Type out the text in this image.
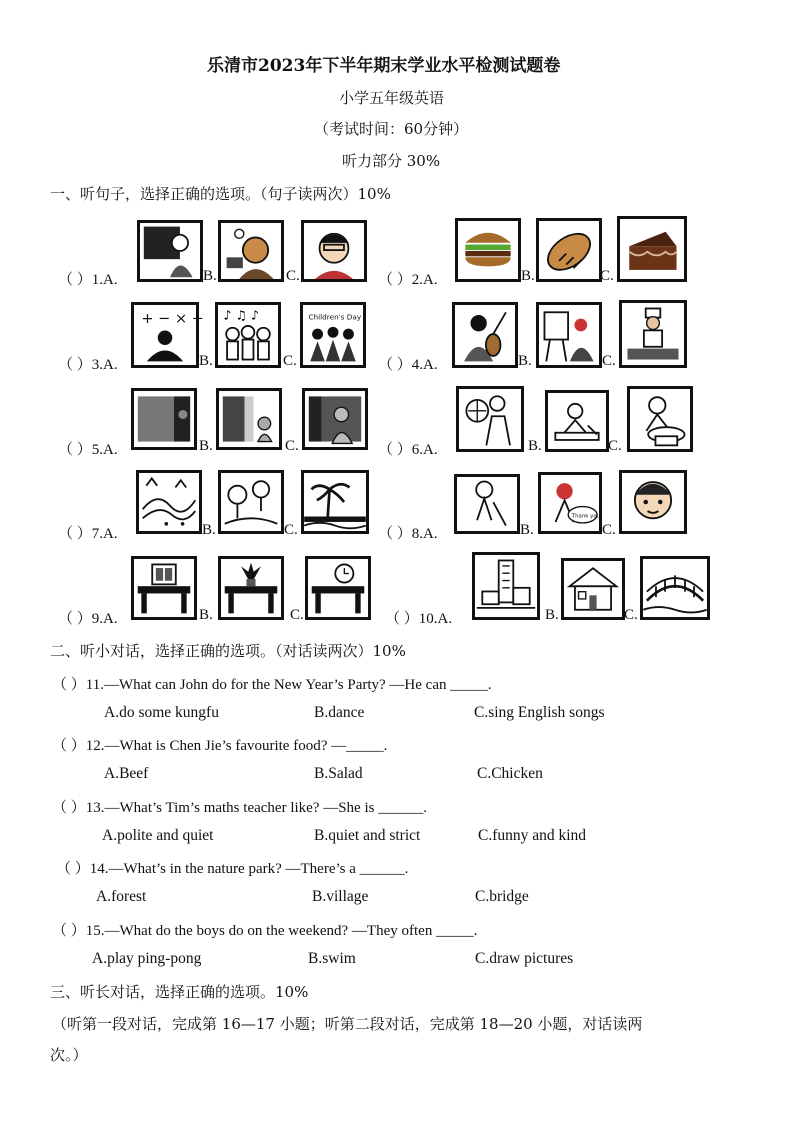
乐清市2023年下半年期末学业水平检测试题卷
小学五年级英语
（考试时间：60分钟）
听力部分 30%
一、听句子，选择正确的选项。（句子读两次）10%
（ ）1.A.	B.	C.	（ ）2.A.	B.	C.
（ ）3.A.
+ − × ÷
B.
♪ ♫ ♪
C.
Children's Day
（ ）4.A.	B.	C.
（ ）5.A.	B.	C.	（ ）6.A.	B.	C.
（ ）7.A.	B.	C.	（ ）8.A.	B.
Thank you
C.
（ ）9.A.	B.	C.	（ ）10.A.	B.	C.
二、听小对话，选择正确的选项。（对话读两次）10%
（ ）11.—What can John do for the New Year’s Party? —He can _____.
A.do some kungfu	B.dance	C.sing English songs
（ ）12.—What is Chen Jie’s favourite food? —_____.
A.Beef	B.Salad	C.Chicken
（ ）13.—What’s Tim’s maths teacher like? —She is ______.
A.polite and quiet	B.quiet and strict	C.funny and kind
（ ）14.—What’s in the nature park? —There’s a ______.
A.forest	B.village	C.bridge
（ ）15.—What do the boys do on the weekend? —They often _____.
A.play ping-pong	B.swim	C.draw pictures
三、听长对话，选择正确的选项。10%
（听第一段对话，完成第 16—17 小题；听第二段对话，完成第 18—20 小题，对话读两
次。）
